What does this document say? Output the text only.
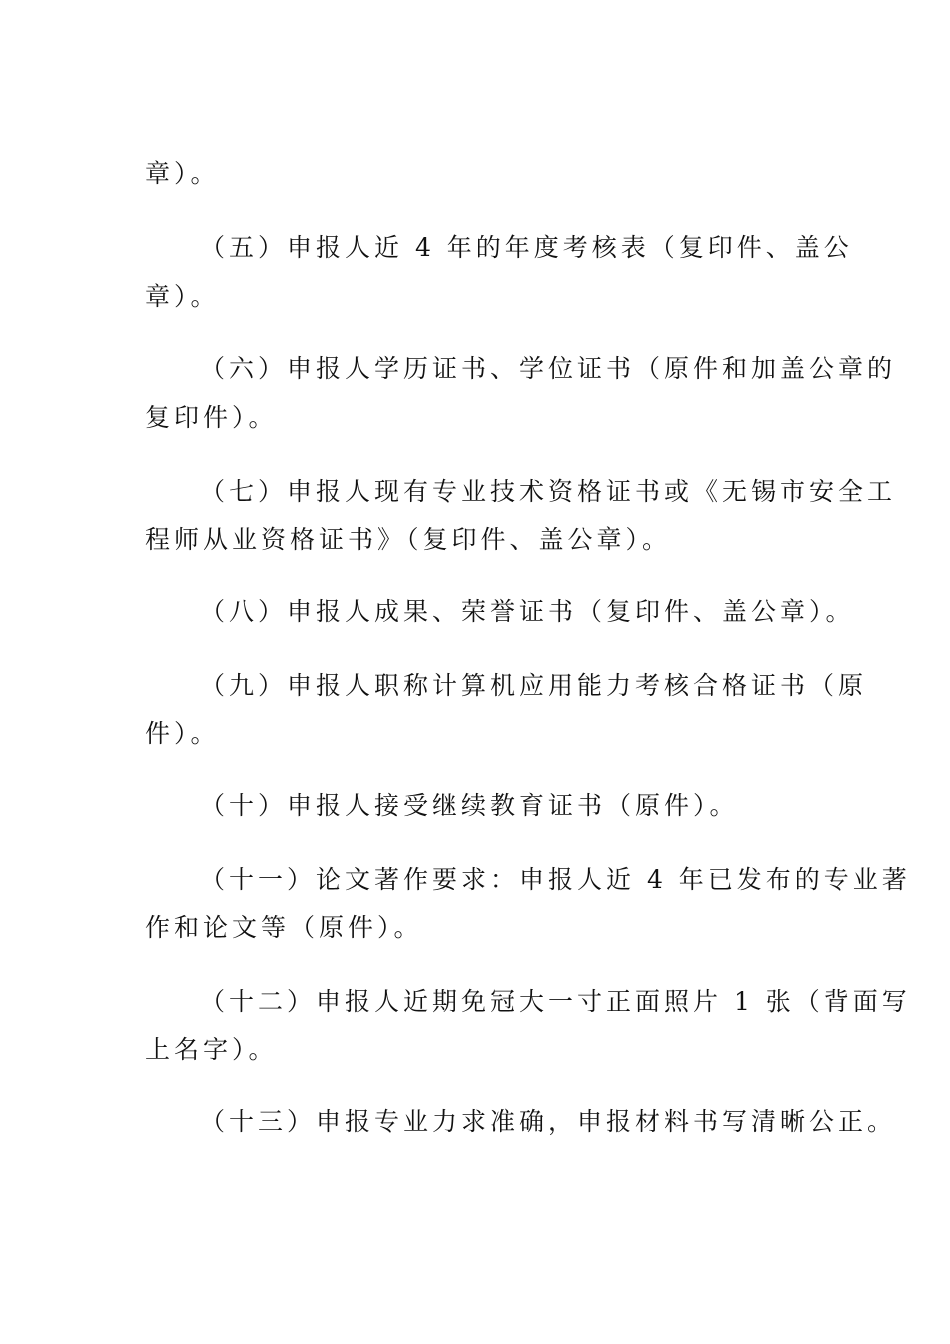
章）。
（五）申报人近 4 年的年度考核表（复印件、盖公
章）。
（六）申报人学历证书、学位证书（原件和加盖公章的
复印件）。
（七）申报人现有专业技术资格证书或《无锡市安全工
程师从业资格证书》（复印件、盖公章）。
（八）申报人成果、荣誉证书（复印件、盖公章）。
（九）申报人职称计算机应用能力考核合格证书（原
件）。
（十）申报人接受继续教育证书（原件）。
（十一）论文著作要求：申报人近 4 年已发布的专业著
作和论文等（原件）。
（十二）申报人近期免冠大一寸正面照片 1 张（背面写
上名字）。
（十三）申报专业力求准确，申报材料书写清晰公正。
